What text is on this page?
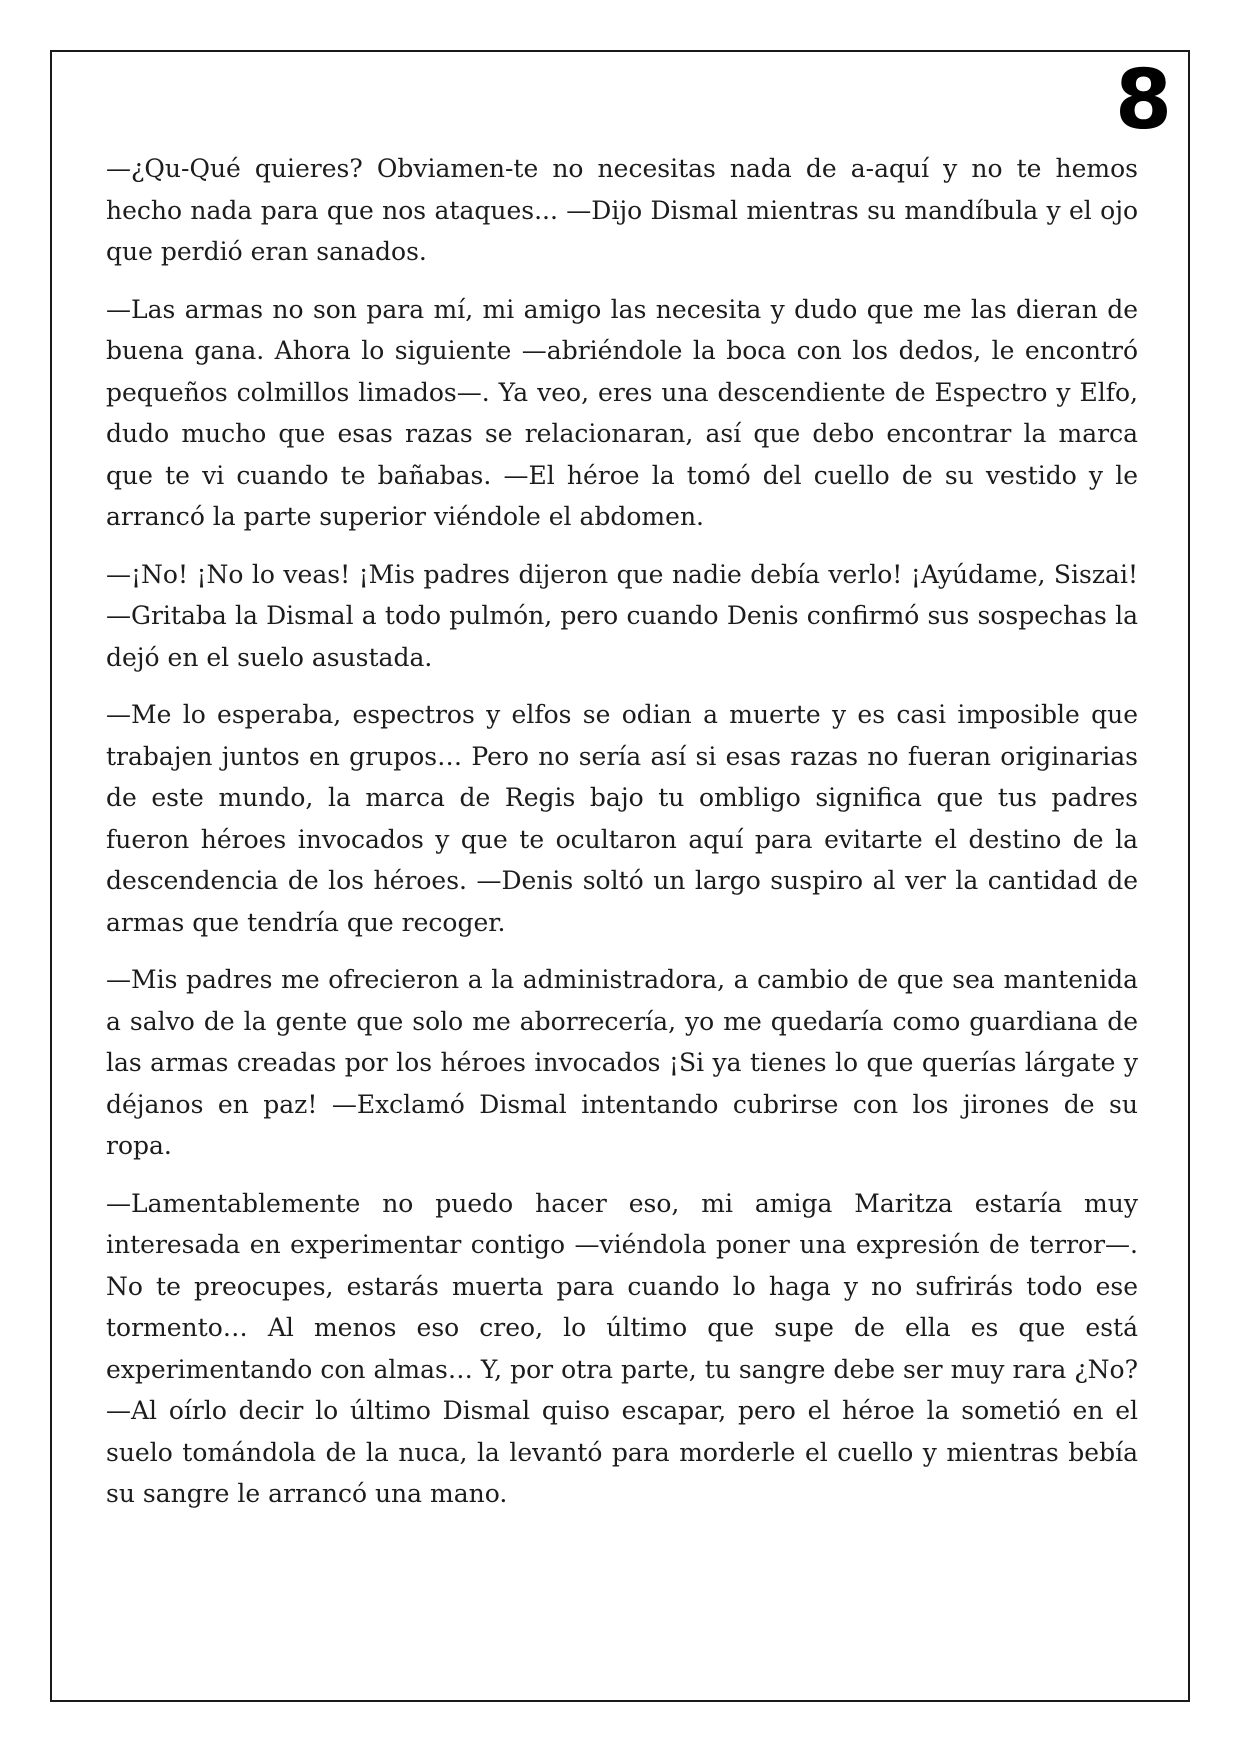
8

—¿Qu-Qué quieres? Obviamen-te no necesitas nada de a-aquí y no te hemos hecho nada para que nos ataques... —Dijo Dismal mientras su mandíbula y el ojo que perdió eran sanados.

—Las armas no son para mí, mi amigo las necesita y dudo que me las dieran de buena gana. Ahora lo siguiente —abriéndole la boca con los dedos, le encontró pequeños colmillos limados—. Ya veo, eres una descendiente de Espectro y Elfo, dudo mucho que esas razas se relacionaran, así que debo encontrar la marca que te vi cuando te bañabas. —El héroe la tomó del cuello de su vestido y le arrancó la parte superior viéndole el abdomen.

—¡No! ¡No lo veas! ¡Mis padres dijeron que nadie debía verlo! ¡Ayúdame, Siszai! —Gritaba la Dismal a todo pulmón, pero cuando Denis confirmó sus sospechas la dejó en el suelo asustada.

—Me lo esperaba, espectros y elfos se odian a muerte y es casi imposible que trabajen juntos en grupos… Pero no sería así si esas razas no fueran originarias de este mundo, la marca de Regis bajo tu ombligo significa que tus padres fueron héroes invocados y que te ocultaron aquí para evitarte el destino de la descendencia de los héroes. —Denis soltó un largo suspiro al ver la cantidad de armas que tendría que recoger.

—Mis padres me ofrecieron a la administradora, a cambio de que sea mantenida a salvo de la gente que solo me aborrecería, yo me quedaría como guardiana de las armas creadas por los héroes invocados ¡Si ya tienes lo que querías lárgate y déjanos en paz! —Exclamó Dismal intentando cubrirse con los jirones de su ropa.

—Lamentablemente no puedo hacer eso, mi amiga Maritza estaría muy interesada en experimentar contigo —viéndola poner una expresión de terror—. No te preocupes, estarás muerta para cuando lo haga y no sufrirás todo ese tormento… Al menos eso creo, lo último que supe de ella es que está experimentando con almas… Y, por otra parte, tu sangre debe ser muy rara ¿No? —Al oírlo decir lo último Dismal quiso escapar, pero el héroe la sometió en el suelo tomándola de la nuca, la levantó para morderle el cuello y mientras bebía su sangre le arrancó una mano.
